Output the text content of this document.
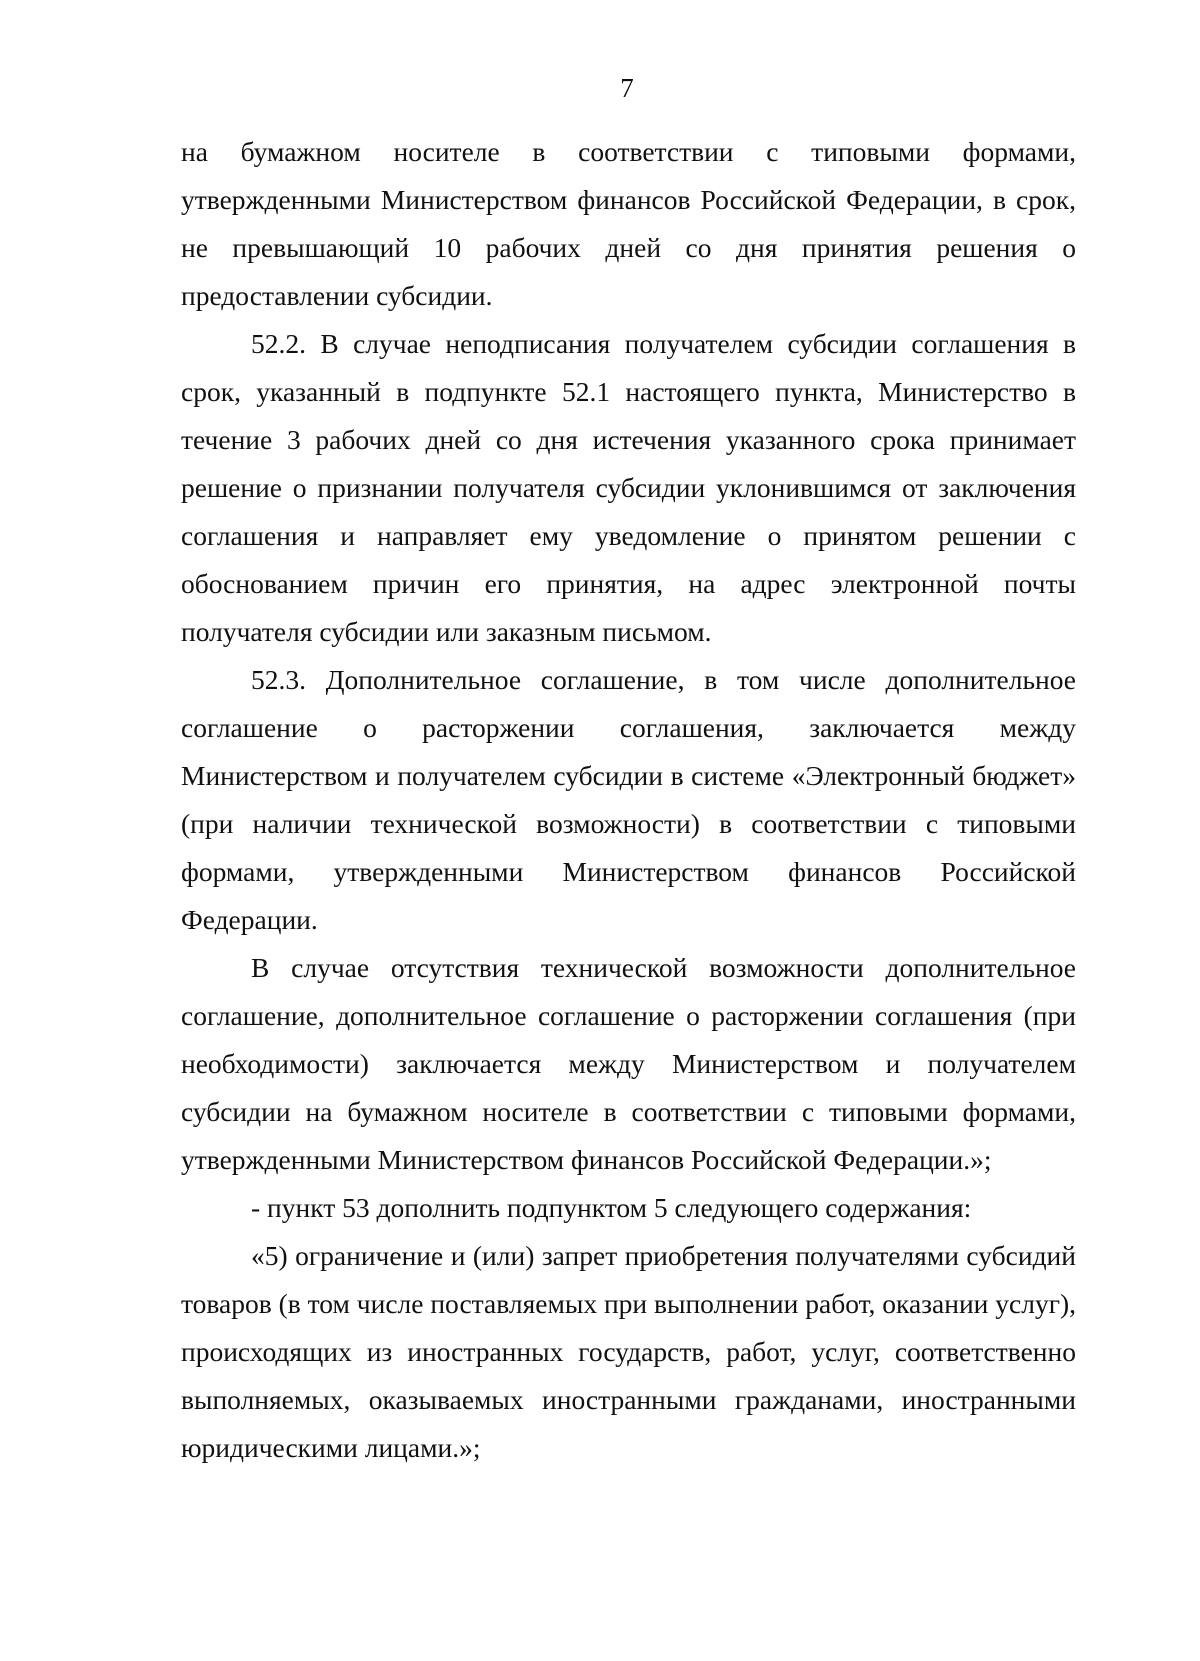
7

на бумажном носителе в соответствии с типовыми формами, утвержденными Министерством финансов Российской Федерации, в срок, не превышающий 10 рабочих дней со дня принятия решения о предоставлении субсидии.

52.2. В случае неподписания получателем субсидии соглашения в срок, указанный в подпункте 52.1 настоящего пункта, Министерство в течение 3 рабочих дней со дня истечения указанного срока принимает решение о признании получателя субсидии уклонившимся от заключения соглашения и направляет ему уведомление о принятом решении с обоснованием причин его принятия, на адрес электронной почты получателя субсидии или заказным письмом.

52.3. Дополнительное соглашение, в том числе дополнительное соглашение о расторжении соглашения, заключается между Министерством и получателем субсидии в системе «Электронный бюджет» (при наличии технической возможности) в соответствии с типовыми формами, утвержденными Министерством финансов Российской Федерации.

В случае отсутствия технической возможности дополнительное соглашение, дополнительное соглашение о расторжении соглашения (при необходимости) заключается между Министерством и получателем субсидии на бумажном носителе в соответствии с типовыми формами, утвержденными Министерством финансов Российской Федерации.»;

- пункт 53 дополнить подпунктом 5 следующего содержания:

«5) ограничение и (или) запрет приобретения получателями субсидий товаров (в том числе поставляемых при выполнении работ, оказании услуг), происходящих из иностранных государств, работ, услуг, соответственно выполняемых, оказываемых иностранными гражданами, иностранными юридическими лицами.»;
